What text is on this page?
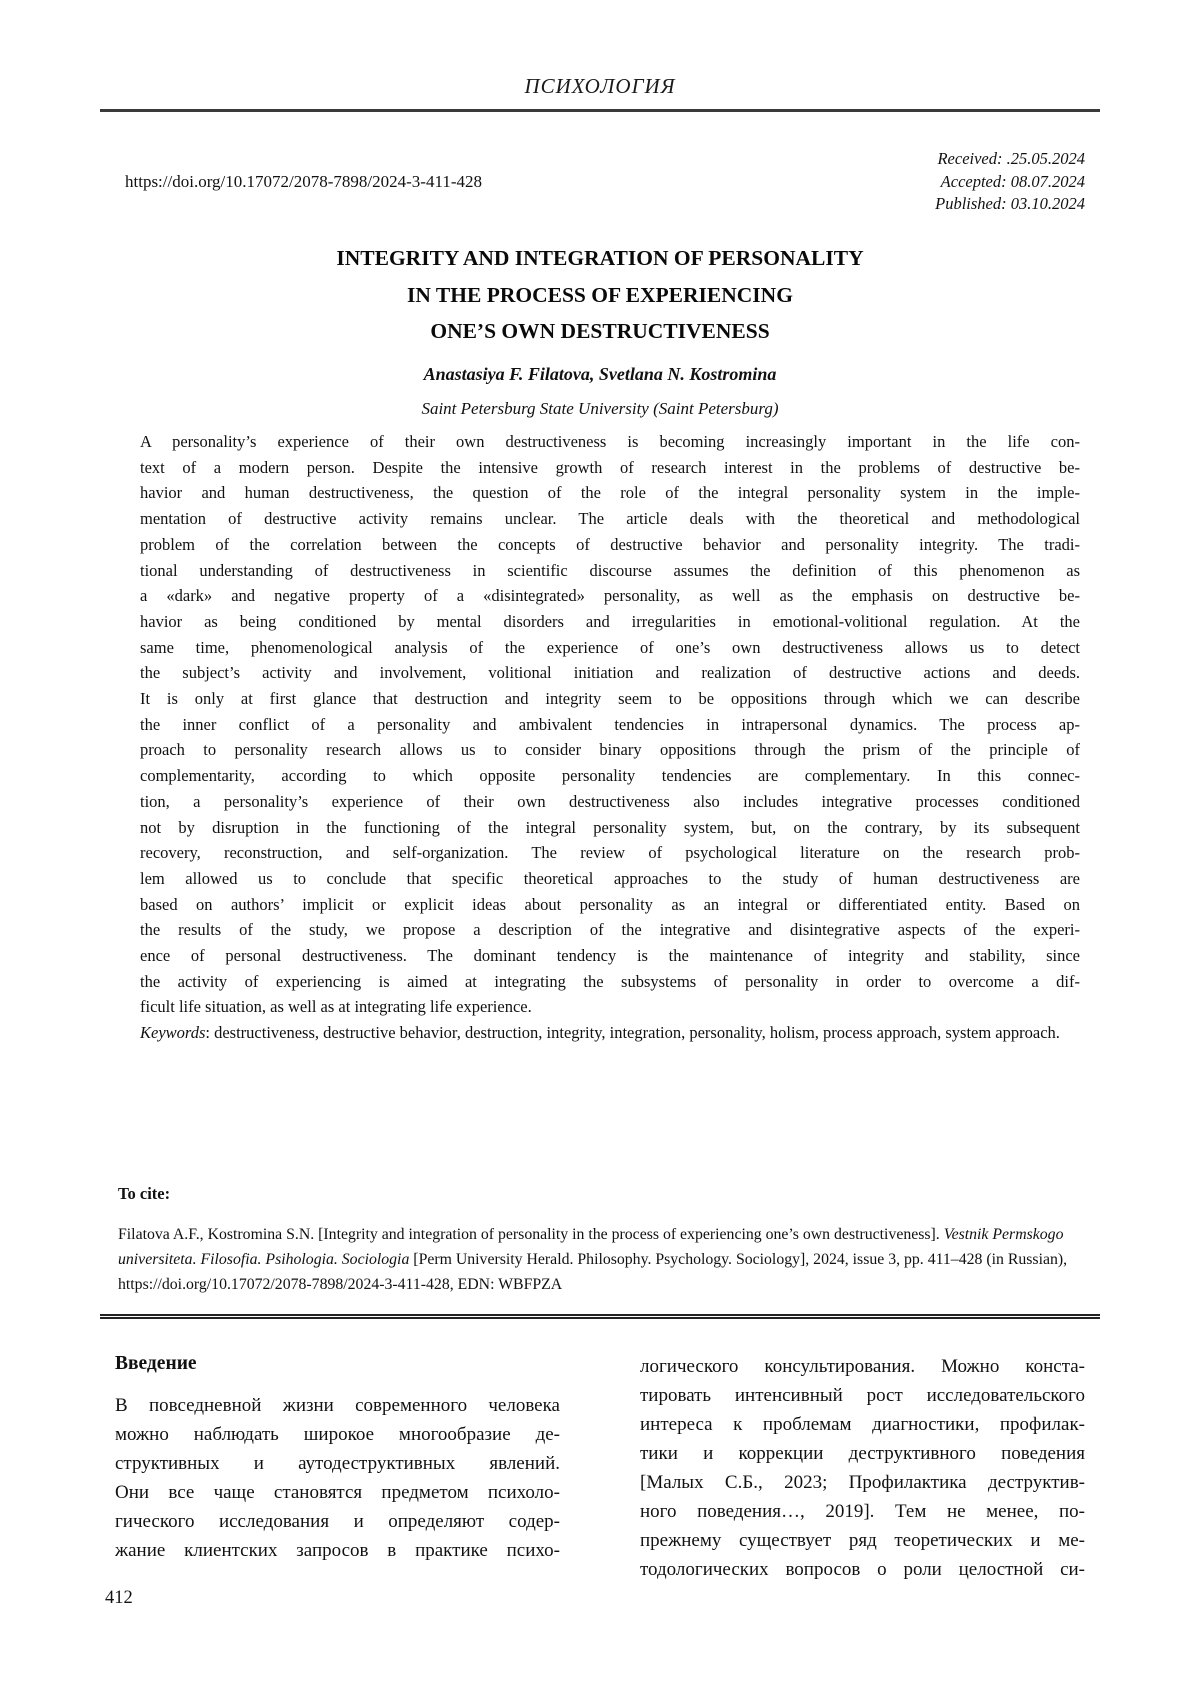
ПСИХОЛОГИЯ
Received: .25.05.2024
Accepted: 08.07.2024
Published: 03.10.2024
https://doi.org/10.17072/2078-7898/2024-3-411-428
INTEGRITY AND INTEGRATION OF PERSONALITY
IN THE PROCESS OF EXPERIENCING
ONE’S OWN DESTRUCTIVENESS
Anastasiya F. Filatova, Svetlana N. Kostromina
Saint Petersburg State University (Saint Petersburg)
A personality’s experience of their own destructiveness is becoming increasingly important in the life con-
text of a modern person. Despite the intensive growth of research interest in the problems of destructive be-
havior and human destructiveness, the question of the role of the integral personality system in the imple-
mentation of destructive activity remains unclear. The article deals with the theoretical and methodological
problem of the correlation between the concepts of destructive behavior and personality integrity. The tradi-
tional understanding of destructiveness in scientific discourse assumes the definition of this phenomenon as
a «dark» and negative property of a «disintegrated» personality, as well as the emphasis on destructive be-
havior as being conditioned by mental disorders and irregularities in emotional-volitional regulation. At the
same time, phenomenological analysis of the experience of one’s own destructiveness allows us to detect
the subject’s activity and involvement, volitional initiation and realization of destructive actions and deeds.
It is only at first glance that destruction and integrity seem to be oppositions through which we can describe
the inner conflict of a personality and ambivalent tendencies in intrapersonal dynamics. The process ap-
proach to personality research allows us to consider binary oppositions through the prism of the principle of
complementarity, according to which opposite personality tendencies are complementary. In this connec-
tion, a personality’s experience of their own destructiveness also includes integrative processes conditioned
not by disruption in the functioning of the integral personality system, but, on the contrary, by its subsequent
recovery, reconstruction, and self-organization. The review of psychological literature on the research prob-
lem allowed us to conclude that specific theoretical approaches to the study of human destructiveness are
based on authors’ implicit or explicit ideas about personality as an integral or differentiated entity. Based on
the results of the study, we propose a description of the integrative and disintegrative aspects of the experi-
ence of personal destructiveness. The dominant tendency is the maintenance of integrity and stability, since
the activity of experiencing is aimed at integrating the subsystems of personality in order to overcome a dif-
ficult life situation, as well as at integrating life experience.
Keywords: destructiveness, destructive behavior, destruction, integrity, integration, personality, holism, process approach, system approach.
To cite:
Filatova A.F., Kostromina S.N. [Integrity and integration of personality in the process of experiencing one’s own destructiveness]. Vestnik Permskogo universiteta. Filosofia. Psihologia. Sociologia [Perm University Herald. Philosophy. Psychology. Sociology], 2024, issue 3, pp. 411–428 (in Russian), https://doi.org/10.17072/2078-7898/2024-3-411-428, EDN: WBFPZA
Введение
В повседневной жизни современного человека
можно наблюдать широкое многообразие де-
структивных и аутодеструктивных явлений.
Они все чаще становятся предметом психоло-
гического исследования и определяют содер-
жание клиентских запросов в практике психо-
логического консультирования. Можно конста-
тировать интенсивный рост исследовательского
интереса к проблемам диагностики, профилак-
тики и коррекции деструктивного поведения
[Малых С.Б., 2023; Профилактика деструктив-
ного поведения…, 2019]. Тем не менее, по-
прежнему существует ряд теоретических и ме-
тодологических вопросов о роли целостной си-
412
